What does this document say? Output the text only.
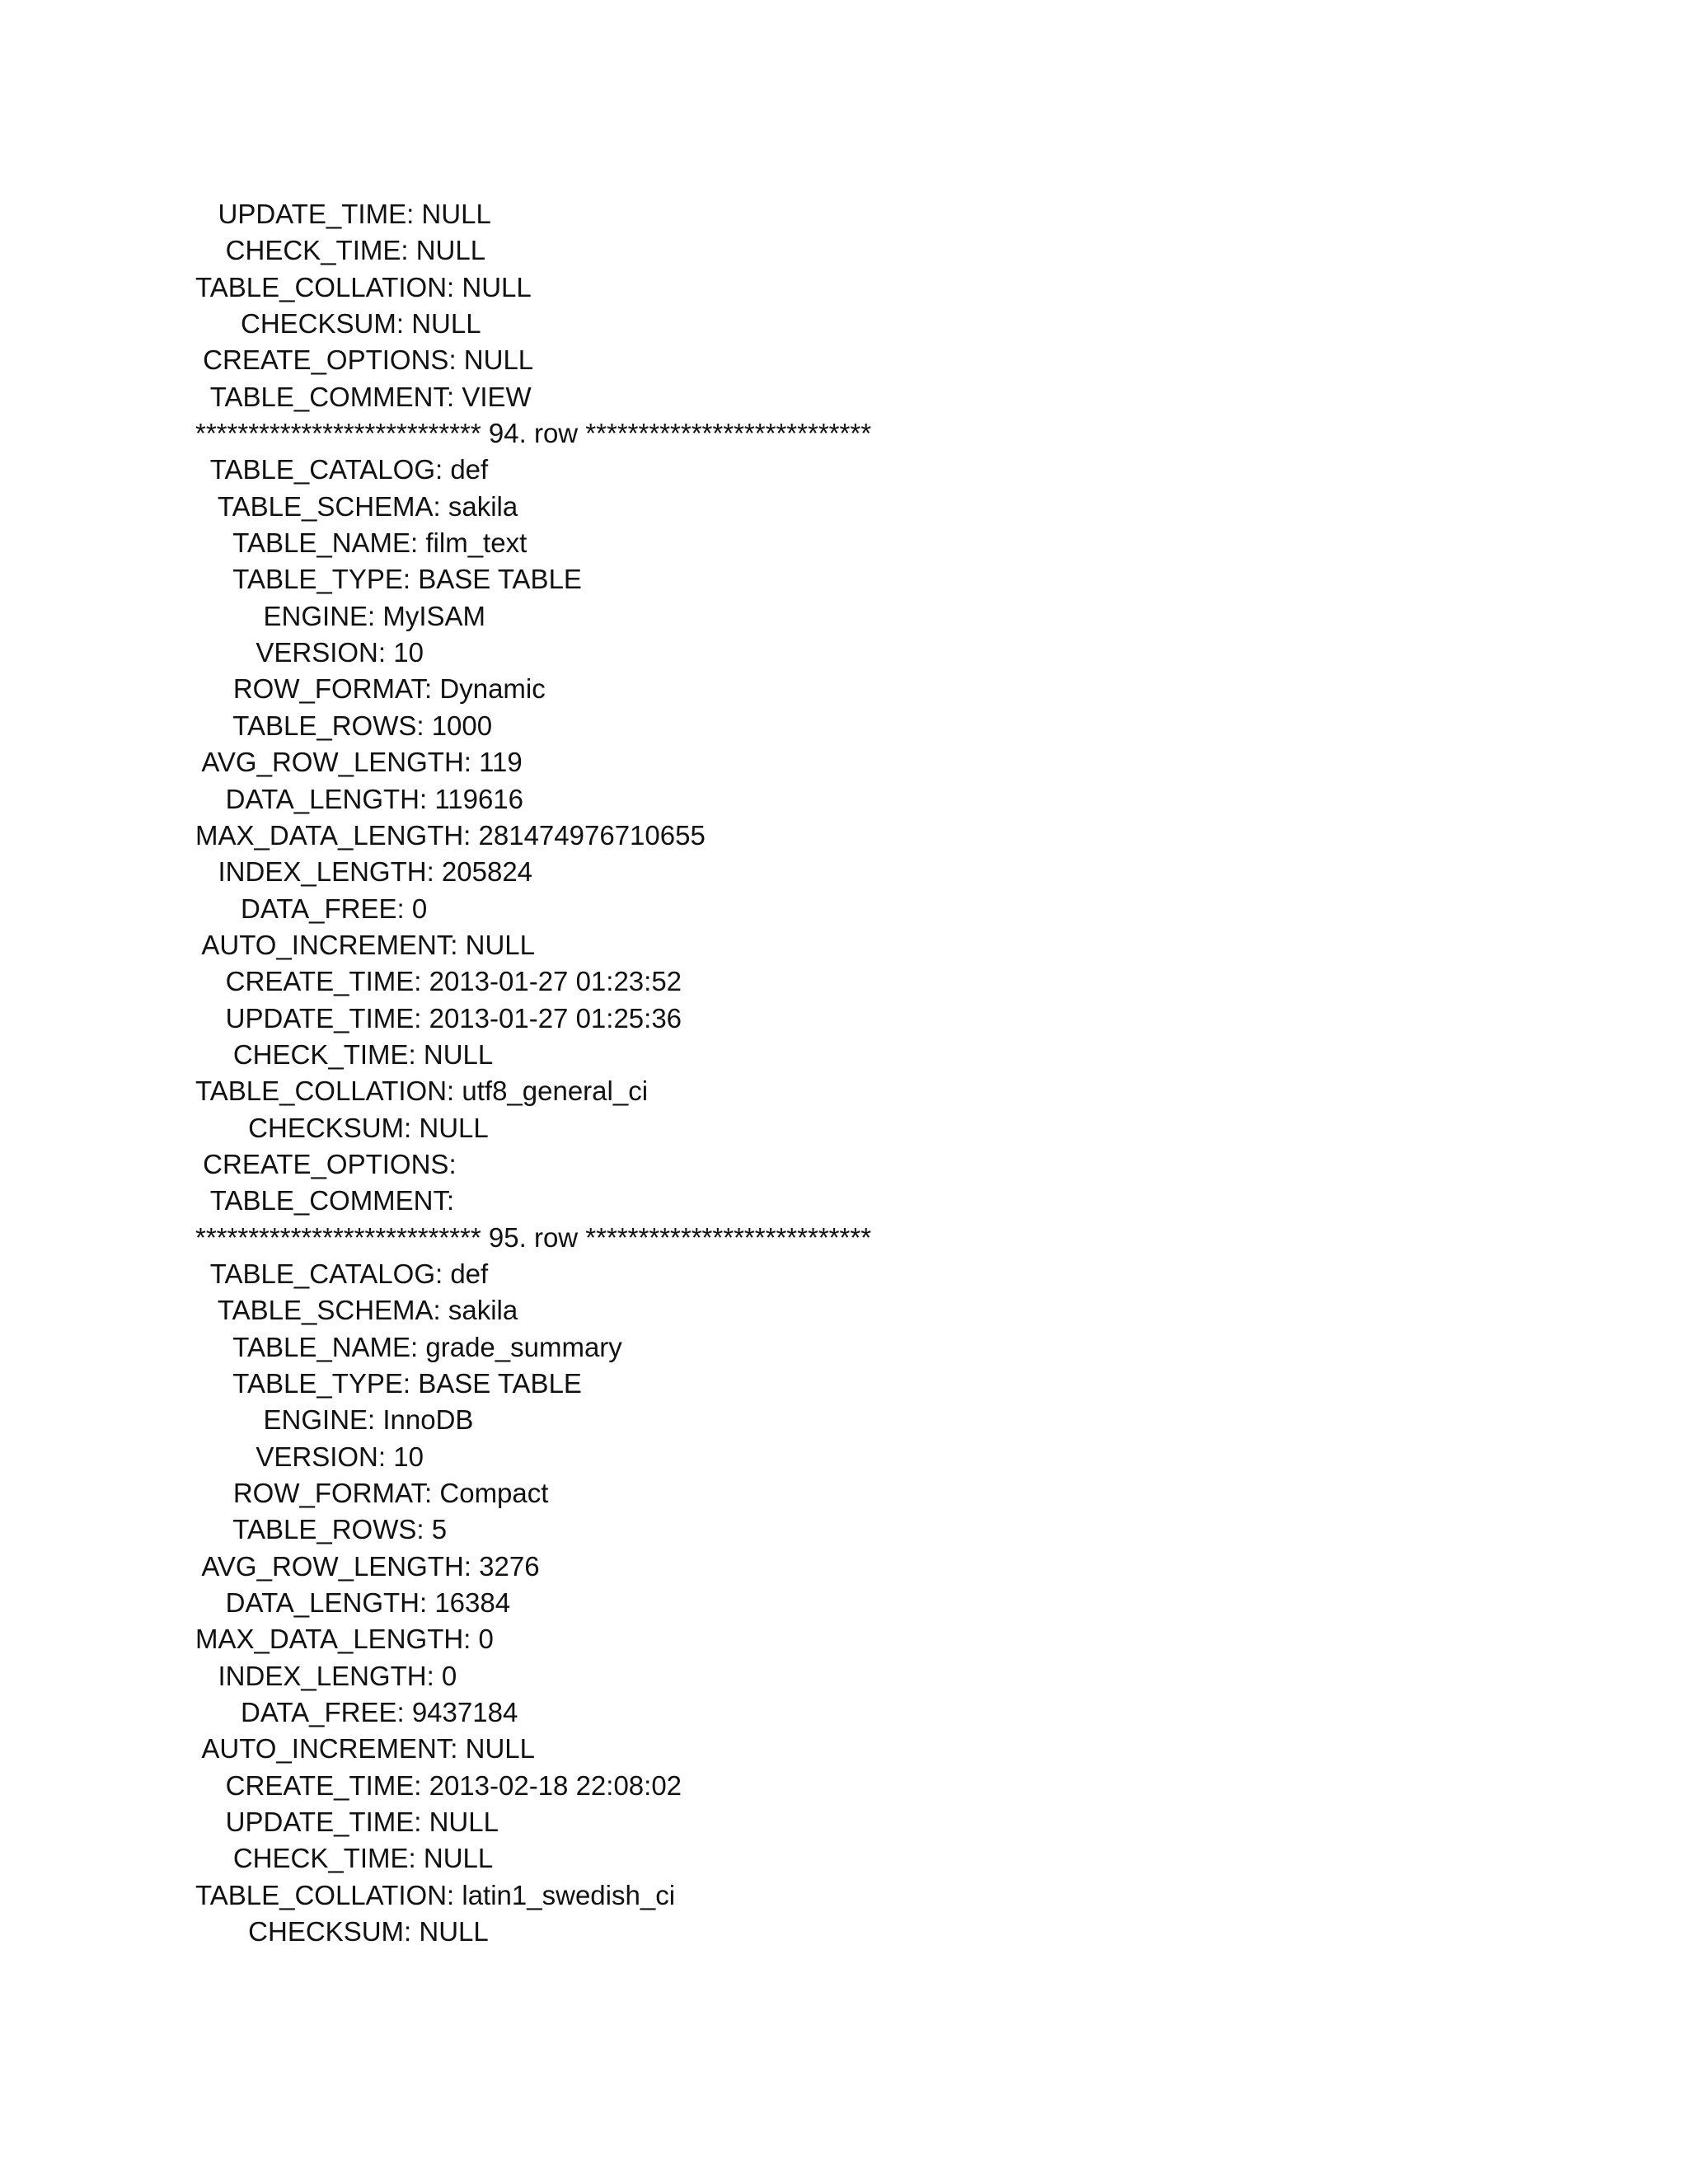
UPDATE_TIME: NULL
CHECK_TIME: NULL
TABLE_COLLATION: NULL
CHECKSUM: NULL
CREATE_OPTIONS: NULL
TABLE_COMMENT: VIEW
*************************** 94. row ***************************
TABLE_CATALOG: def
TABLE_SCHEMA: sakila
TABLE_NAME: film_text
TABLE_TYPE: BASE TABLE
ENGINE: MyISAM
VERSION: 10
ROW_FORMAT: Dynamic
TABLE_ROWS: 1000
AVG_ROW_LENGTH: 119
DATA_LENGTH: 119616
MAX_DATA_LENGTH: 281474976710655
INDEX_LENGTH: 205824
DATA_FREE: 0
AUTO_INCREMENT: NULL
CREATE_TIME: 2013-01-27 01:23:52
UPDATE_TIME: 2013-01-27 01:25:36
CHECK_TIME: NULL
TABLE_COLLATION: utf8_general_ci
CHECKSUM: NULL
CREATE_OPTIONS:
TABLE_COMMENT:
*************************** 95. row ***************************
TABLE_CATALOG: def
TABLE_SCHEMA: sakila
TABLE_NAME: grade_summary
TABLE_TYPE: BASE TABLE
ENGINE: InnoDB
VERSION: 10
ROW_FORMAT: Compact
TABLE_ROWS: 5
AVG_ROW_LENGTH: 3276
DATA_LENGTH: 16384
MAX_DATA_LENGTH: 0
INDEX_LENGTH: 0
DATA_FREE: 9437184
AUTO_INCREMENT: NULL
CREATE_TIME: 2013-02-18 22:08:02
UPDATE_TIME: NULL
CHECK_TIME: NULL
TABLE_COLLATION: latin1_swedish_ci
CHECKSUM: NULL
